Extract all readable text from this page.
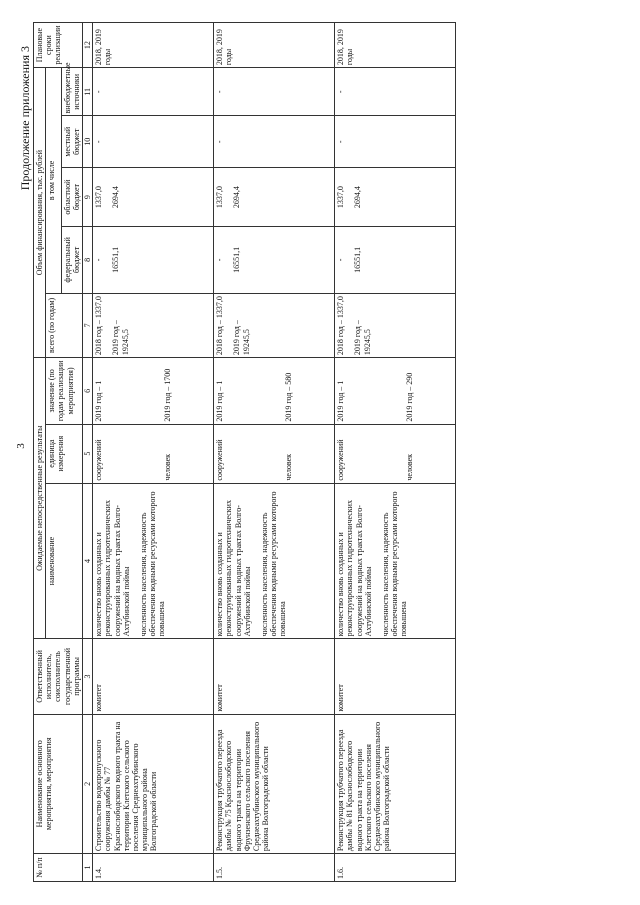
3
Продолжение приложения 3
№ п/п	Наименование основного мероприятия, мероприятия	Ответственный исполнитель, соисполнитель государственной программы	Ожидаемые непосредственные результаты			Объем финансирования, тыс. рублей					Плановые сроки реализации
			наименование	единица измерения	значение (по годам реализации мероприятия)	всего (по годам)	в том числе				
							федеральный бюджет	областной бюджет	местный бюджет	внебюджетные источники	
1	2	3	4	5	6	7	8	9	10	11	12
1.4.	Строительство водопропускного сооружения дамбы № 77 Краснослободского водного тракта на территории Клетского сельского поселения Среднеахтубинского муниципального района Волгоградской области	комитет	количество вновь созданных и реконструированных гидротехнических сооружений на водных трактах Волго-Ахтубинской поймы численность населения, надежность обеспечения водными ресурсами которого повышена	сооружений человек	2019 год – 1 2019 год – 1700	2018 год – 1337,0 2019 год – 19245,5	- 16551,1	1337,0 2694,4	-	-	2018, 2019 годы
1.5.	Реконструкция трубчатого переезда дамбы № 75 Краснослободского водного тракта на территории Фрунзенского сельского поселения Среднеахтубинского муниципального района Волгоградской области	комитет	количество вновь созданных и реконструированных гидротехнических сооружений на водных трактах Волго-Ахтубинской поймы численность населения, надежность обеспечения водными ресурсами которого повышена	сооружений человек	2019 год – 1 2019 год – 580	2018 год – 1337,0 2019 год – 19245,5	- 16551,1	1337,0 2694,4	-	-	2018, 2019 годы
1.6.	Реконструкция трубчатого переезда дамбы № 81 Краснослободского водного тракта на территории Клетского сельского поселения Среднеахтубинского муниципального района Волгоградской области	комитет	количество вновь созданных и реконструированных гидротехнических сооружений на водных трактах Волго-Ахтубинской поймы численность населения, надежность обеспечения водными ресурсами которого повышена	сооружений человек	2019 год – 1 2019 год – 290	2018 год – 1337,0 2019 год – 19245,5	- 16551,1	1337,0 2694,4	-	-	2018, 2019 годы
